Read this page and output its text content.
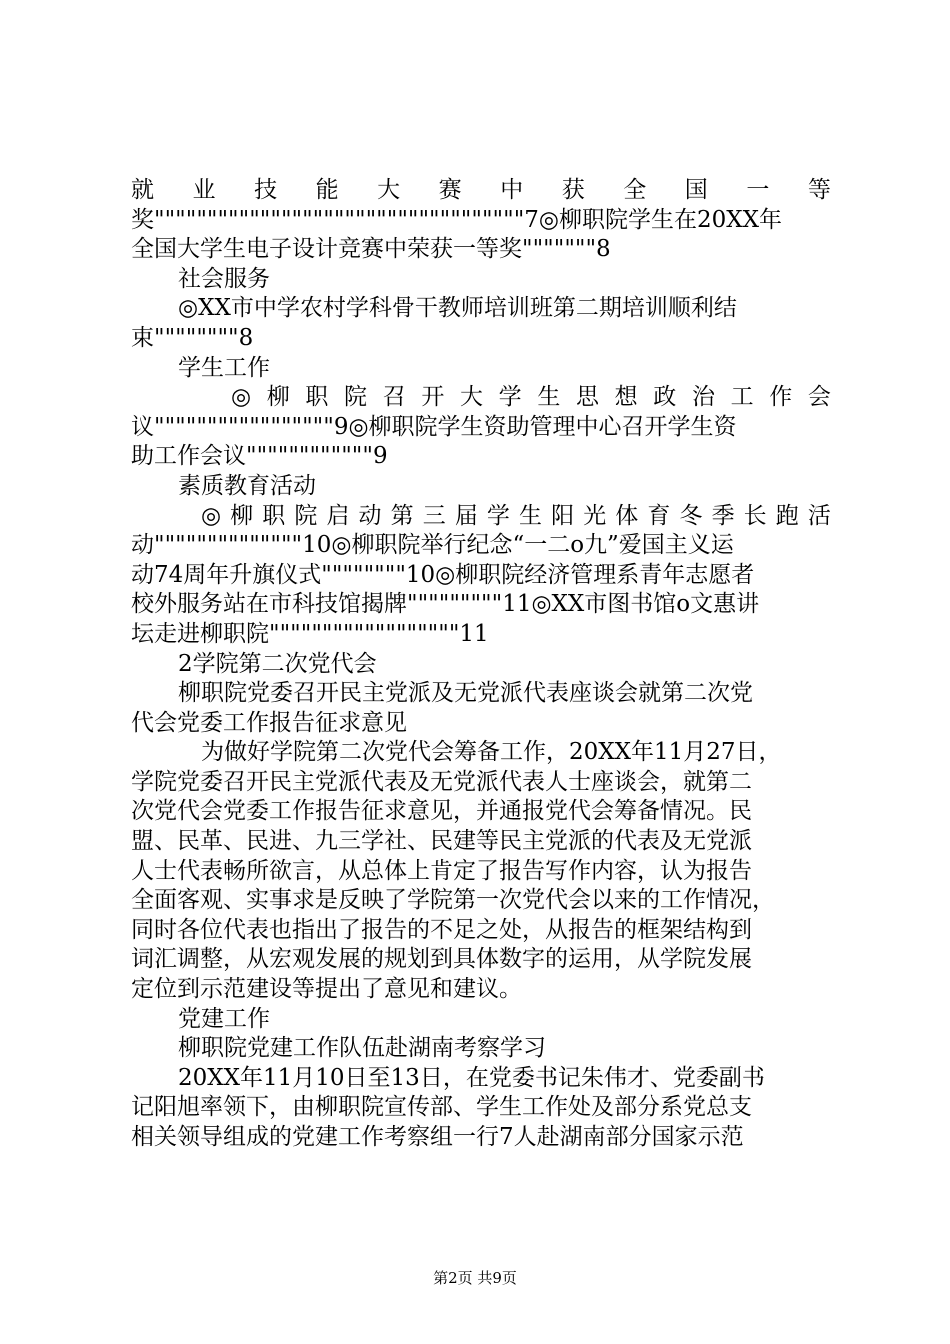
就 业 技 能 大 赛 中 获 全 国 一 等
奖"""""""""""""""""""""""""""""""""""7◎柳职院学生在20XX年
全国大学生电子设计竞赛中荣获一等奖"""""""8
社会服务
◎XX市中学农村学科骨干教师培训班第二期培训顺利结
束""""""""8
学生工作
◎ 柳 职 院 召 开 大 学 生 思 想 政 治 工 作 会
议"""""""""""""""""9◎柳职院学生资助管理中心召开学生资
助工作会议""""""""""""9
素质教育活动
◎ 柳 职 院 启 动 第 三 届 学 生 阳 光 体 育 冬 季 长 跑 活
动""""""""""""""10◎柳职院举行纪念“一二o九”爱国主义运
动74周年升旗仪式""""""""10◎柳职院经济管理系青年志愿者
校外服务站在市科技馆揭牌"""""""""11◎XX市图书馆o文惠讲
坛走进柳职院""""""""""""""""""11
2学院第二次党代会
柳职院党委召开民主党派及无党派代表座谈会就第二次党
代会党委工作报告征求意见
为做好学院第二次党代会筹备工作，20XX年11月27日，
学院党委召开民主党派代表及无党派代表人士座谈会，就第二
次党代会党委工作报告征求意见，并通报党代会筹备情况。民
盟、民革、民进、九三学社、民建等民主党派的代表及无党派
人士代表畅所欲言，从总体上肯定了报告写作内容，认为报告
全面客观、实事求是反映了学院第一次党代会以来的工作情况，
同时各位代表也指出了报告的不足之处，从报告的框架结构到
词汇调整，从宏观发展的规划到具体数字的运用，从学院发展
定位到示范建设等提出了意见和建议。
党建工作
柳职院党建工作队伍赴湖南考察学习
20XX年11月10日至13日，在党委书记朱伟才、党委副书
记阳旭率领下，由柳职院宣传部、学生工作处及部分系党总支
相关领导组成的党建工作考察组一行7人赴湖南部分国家示范
第2页 共9页
